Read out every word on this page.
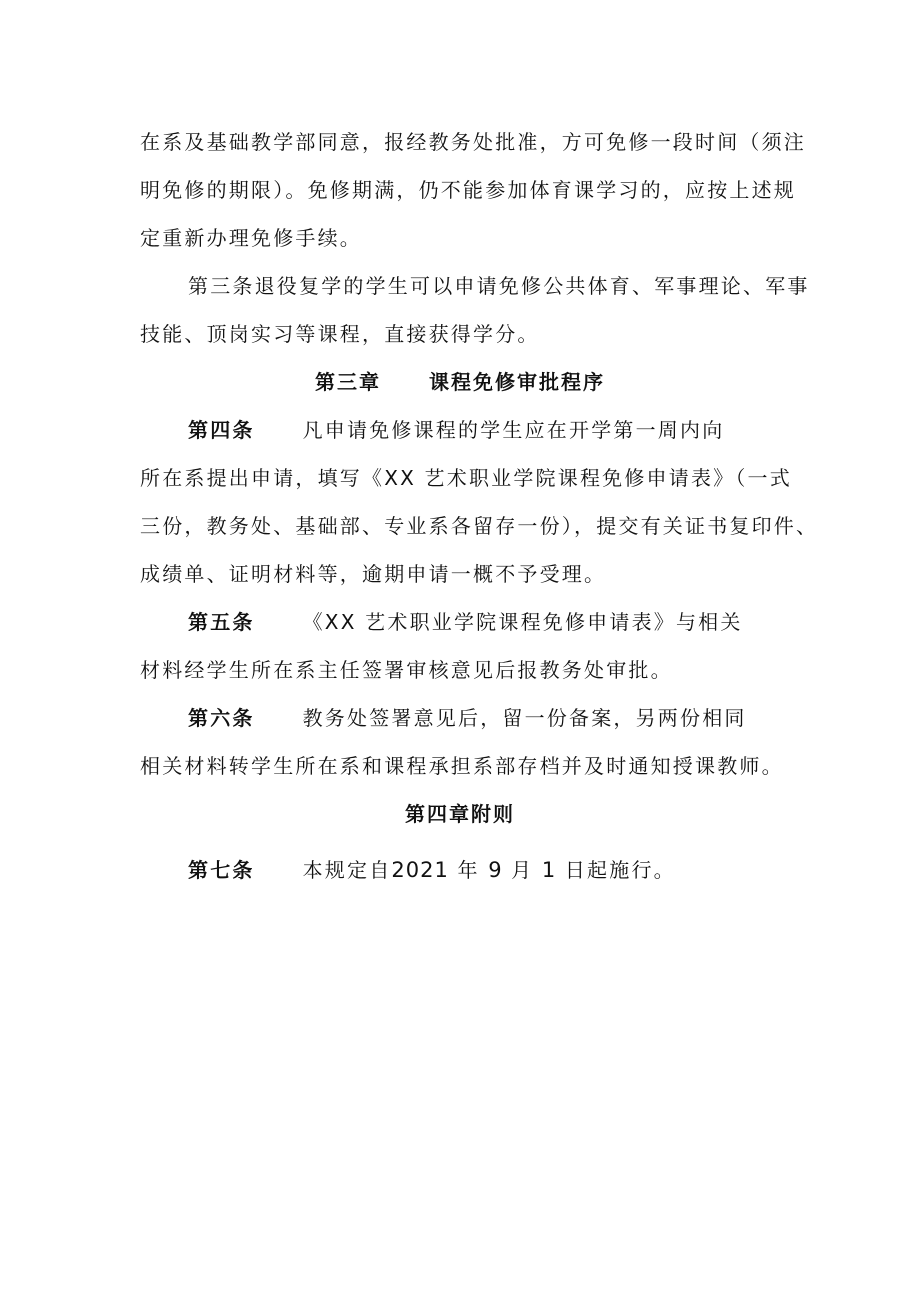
在系及基础教学部同意，报经教务处批准，方可免修一段时间（须注
明免修的期限）。免修期满，仍不能参加体育课学习的，应按上述规
定重新办理免修手续。
第三条退役复学的学生可以申请免修公共体育、军事理论、军事
技能、顶岗实习等课程，直接获得学分。
第三章 课程免修审批程序
第四条 凡申请免修课程的学生应在开学第一周内向
所在系提出申请，填写《XX 艺术职业学院课程免修申请表》（一式
三份，教务处、基础部、专业系各留存一份），提交有关证书复印件、
成绩单、证明材料等，逾期申请一概不予受理。
第五条 《XX 艺术职业学院课程免修申请表》与相关
材料经学生所在系主任签署审核意见后报教务处审批。
第六条 教务处签署意见后，留一份备案，另两份相同
相关材料转学生所在系和课程承担系部存档并及时通知授课教师。
第四章附则
第七条 本规定自2021 年 9 月 1 日起施行。
